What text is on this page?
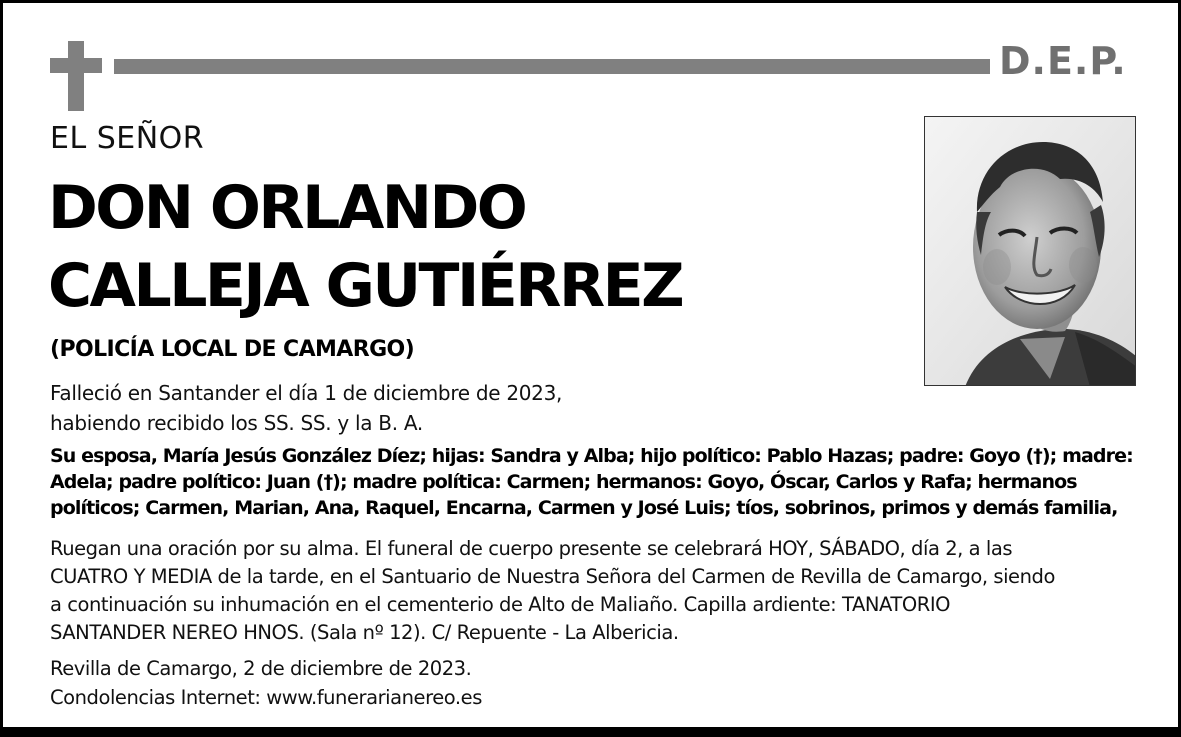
D.E.P.
EL SEÑOR
DON ORLANDO
CALLEJA GUTIÉRREZ
(POLICÍA LOCAL DE CAMARGO)
Falleció en Santander el día 1 de diciembre de 2023,
habiendo recibido los SS. SS. y la B. A.
Su esposa, María Jesús González Díez; hijas: Sandra y Alba; hijo político: Pablo Hazas; padre: Goyo (†); madre:
Adela; padre político: Juan (†); madre política: Carmen; hermanos: Goyo, Óscar, Carlos y Rafa; hermanos
políticos; Carmen, Marian, Ana, Raquel, Encarna, Carmen y José Luis; tíos, sobrinos, primos y demás familia,
Ruegan una oración por su alma. El funeral de cuerpo presente se celebrará HOY, SÁBADO, día 2, a las
CUATRO Y MEDIA de la tarde, en el Santuario de Nuestra Señora del Carmen de Revilla de Camargo, siendo
a continuación su inhumación en el cementerio de Alto de Maliaño. Capilla ardiente: TANATORIO
SANTANDER NEREO HNOS. (Sala nº 12). C/ Repuente - La Albericia.
Revilla de Camargo, 2 de diciembre de 2023.
Condolencias Internet: www.funerarianereo.es
